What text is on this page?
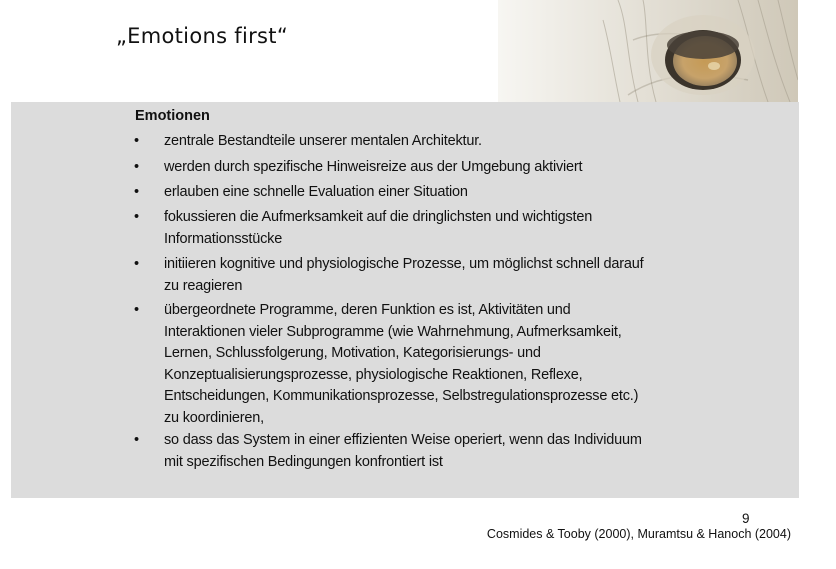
„Emotions first“
Emotionen
• zentrale Bestandteile unserer mentalen Architektur.
• werden durch spezifische Hinweisreize aus der Umgebung aktiviert
• erlauben eine schnelle Evaluation einer Situation
• fokussieren die Aufmerksamkeit auf die dringlichsten und wichtigsten
Informationsstücke
• initiieren kognitive und physiologische Prozesse, um möglichst schnell darauf
zu reagieren
• übergeordnete Programme, deren Funktion es ist, Aktivitäten und
Interaktionen vieler Subprogramme (wie Wahrnehmung, Aufmerksamkeit,
Lernen, Schlussfolgerung, Motivation, Kategorisierungs- und
Konzeptualisierungsprozesse, physiologische Reaktionen, Reflexe,
Entscheidungen, Kommunikationsprozesse, Selbstregulationsprozesse etc.)
zu koordinieren,
• so dass das System in einer effizienten Weise operiert, wenn das Individuum
mit spezifischen Bedingungen konfrontiert ist
9
Cosmides & Tooby (2000), Muramtsu & Hanoch (2004)
